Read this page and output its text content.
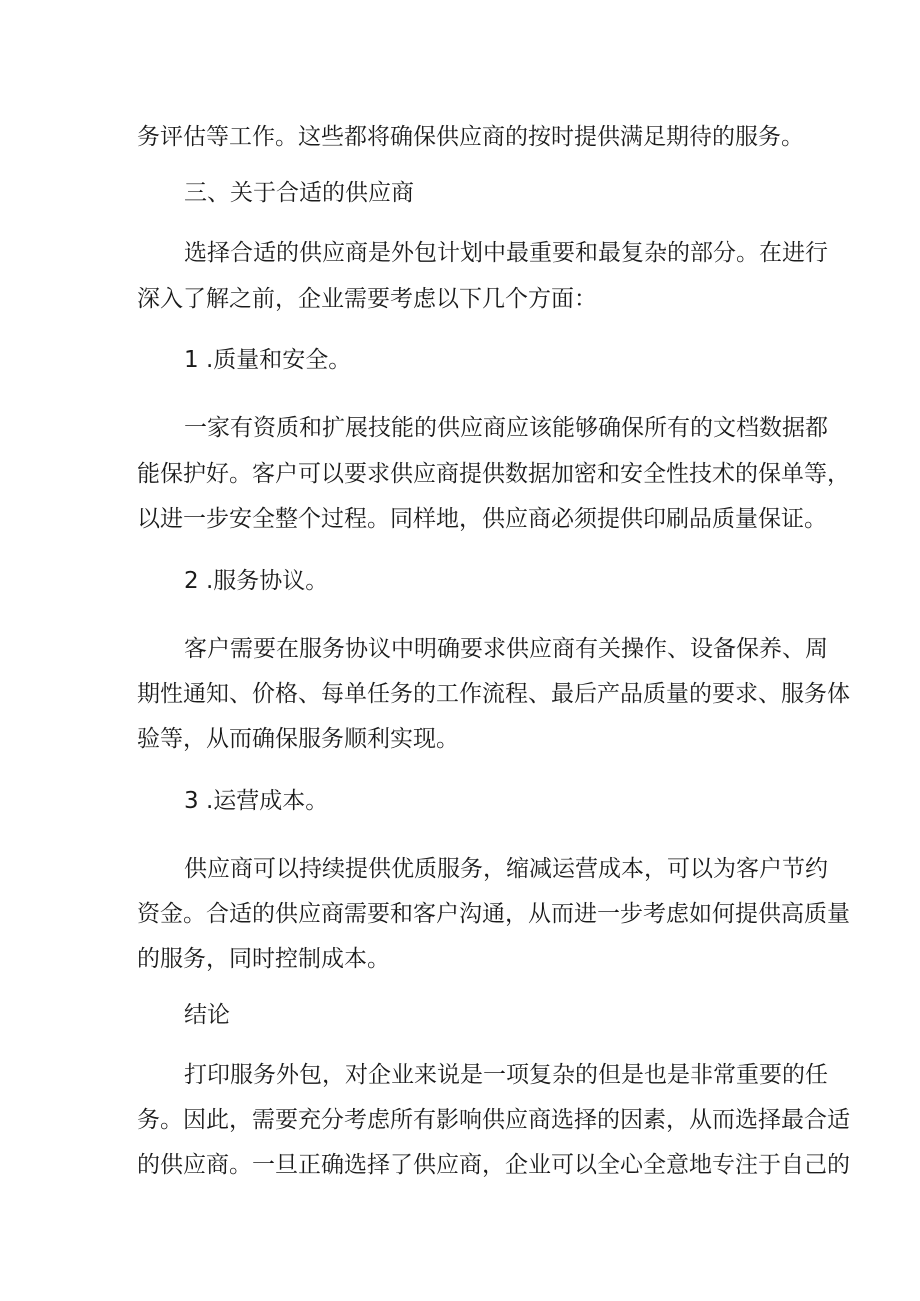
务评估等工作。这些都将确保供应商的按时提供满足期待的服务。

三、关于合适的供应商

选择合适的供应商是外包计划中最重要和最复杂的部分。在进行

深入了解之前，企业需要考虑以下几个方面：

1 .质量和安全。

一家有资质和扩展技能的供应商应该能够确保所有的文档数据都

能保护好。客户可以要求供应商提供数据加密和安全性技术的保单等，

以进一步安全整个过程。同样地，供应商必须提供印刷品质量保证。

2 .服务协议。

客户需要在服务协议中明确要求供应商有关操作、设备保养、周

期性通知、价格、每单任务的工作流程、最后产品质量的要求、服务体

验等，从而确保服务顺利实现。

3 .运营成本。

供应商可以持续提供优质服务，缩减运营成本，可以为客户节约

资金。合适的供应商需要和客户沟通，从而进一步考虑如何提供高质量

的服务，同时控制成本。

结论

打印服务外包，对企业来说是一项复杂的但是也是非常重要的任

务。因此，需要充分考虑所有影响供应商选择的因素，从而选择最合适

的供应商。一旦正确选择了供应商，企业可以全心全意地专注于自己的
